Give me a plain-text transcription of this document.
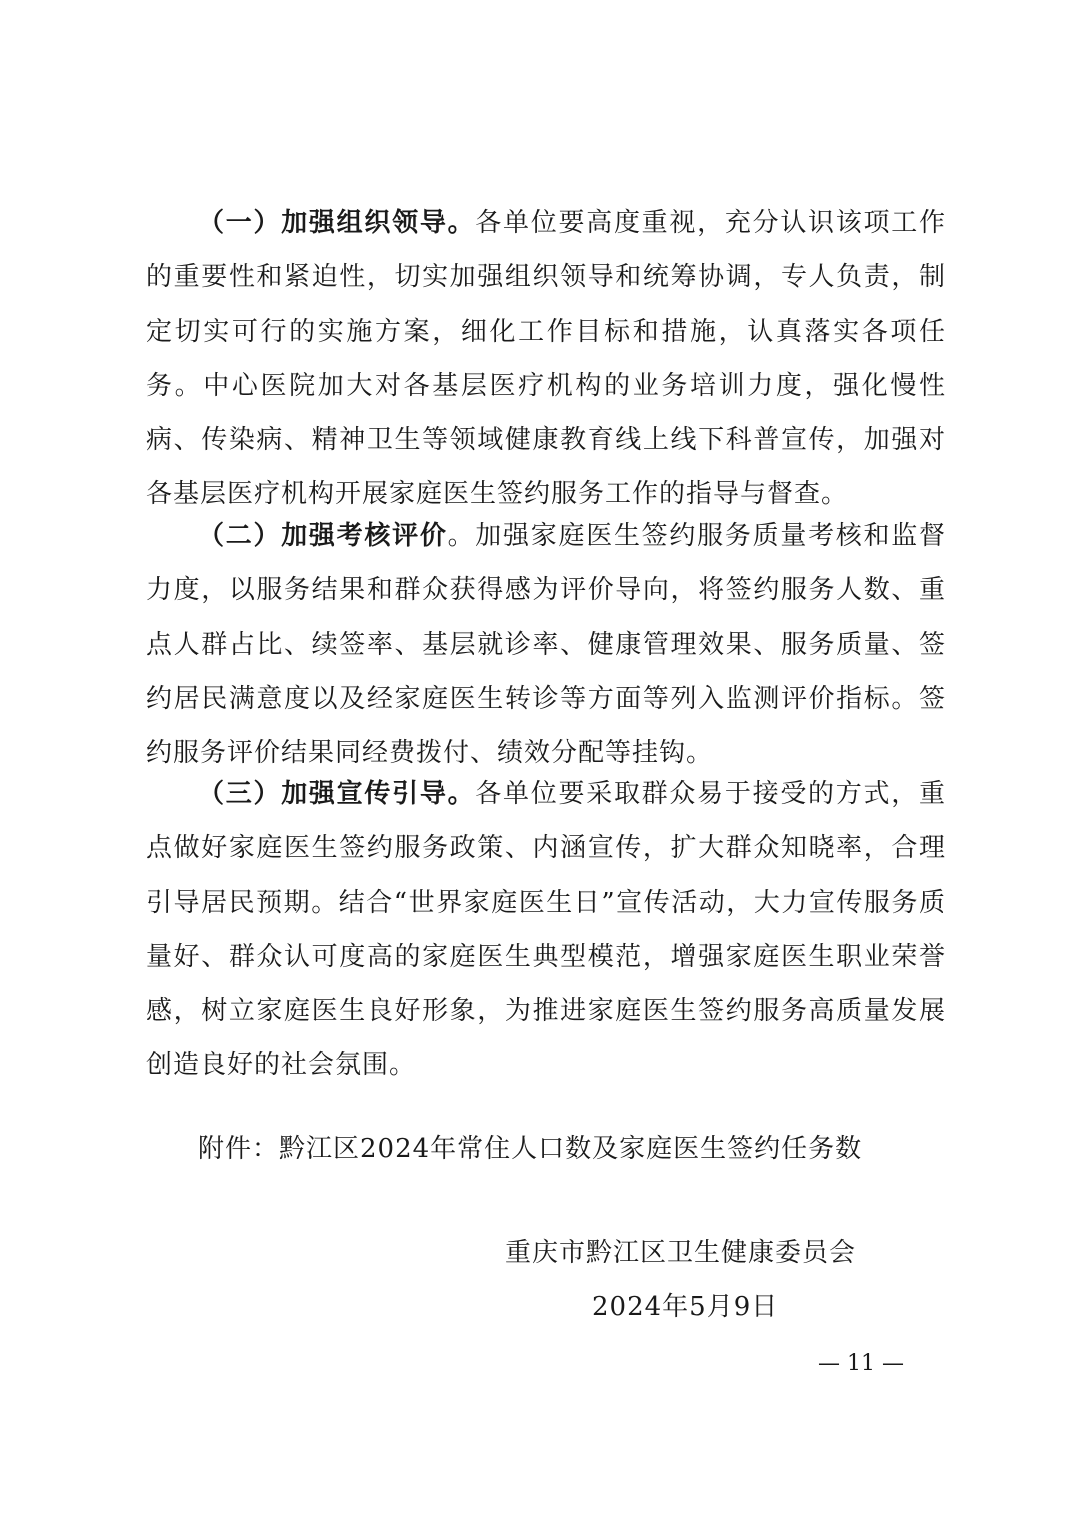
（一）加强组织领导。各单位要高度重视，充分认识该项工作的重要性和紧迫性，切实加强组织领导和统筹协调，专人负责，制定切实可行的实施方案，细化工作目标和措施，认真落实各项任务。中心医院加大对各基层医疗机构的业务培训力度，强化慢性病、传染病、精神卫生等领域健康教育线上线下科普宣传，加强对各基层医疗机构开展家庭医生签约服务工作的指导与督查。

（二）加强考核评价。加强家庭医生签约服务质量考核和监督力度，以服务结果和群众获得感为评价导向，将签约服务人数、重点人群占比、续签率、基层就诊率、健康管理效果、服务质量、签约居民满意度以及经家庭医生转诊等方面等列入监测评价指标。签约服务评价结果同经费拨付、绩效分配等挂钩。

（三）加强宣传引导。各单位要采取群众易于接受的方式，重点做好家庭医生签约服务政策、内涵宣传，扩大群众知晓率，合理引导居民预期。结合“世界家庭医生日”宣传活动，大力宣传服务质量好、群众认可度高的家庭医生典型模范，增强家庭医生职业荣誉感，树立家庭医生良好形象，为推进家庭医生签约服务高质量发展创造良好的社会氛围。

附件：黔江区2024年常住人口数及家庭医生签约任务数
重庆市黔江区卫生健康委员会
2024年5月9日
— 11 —
